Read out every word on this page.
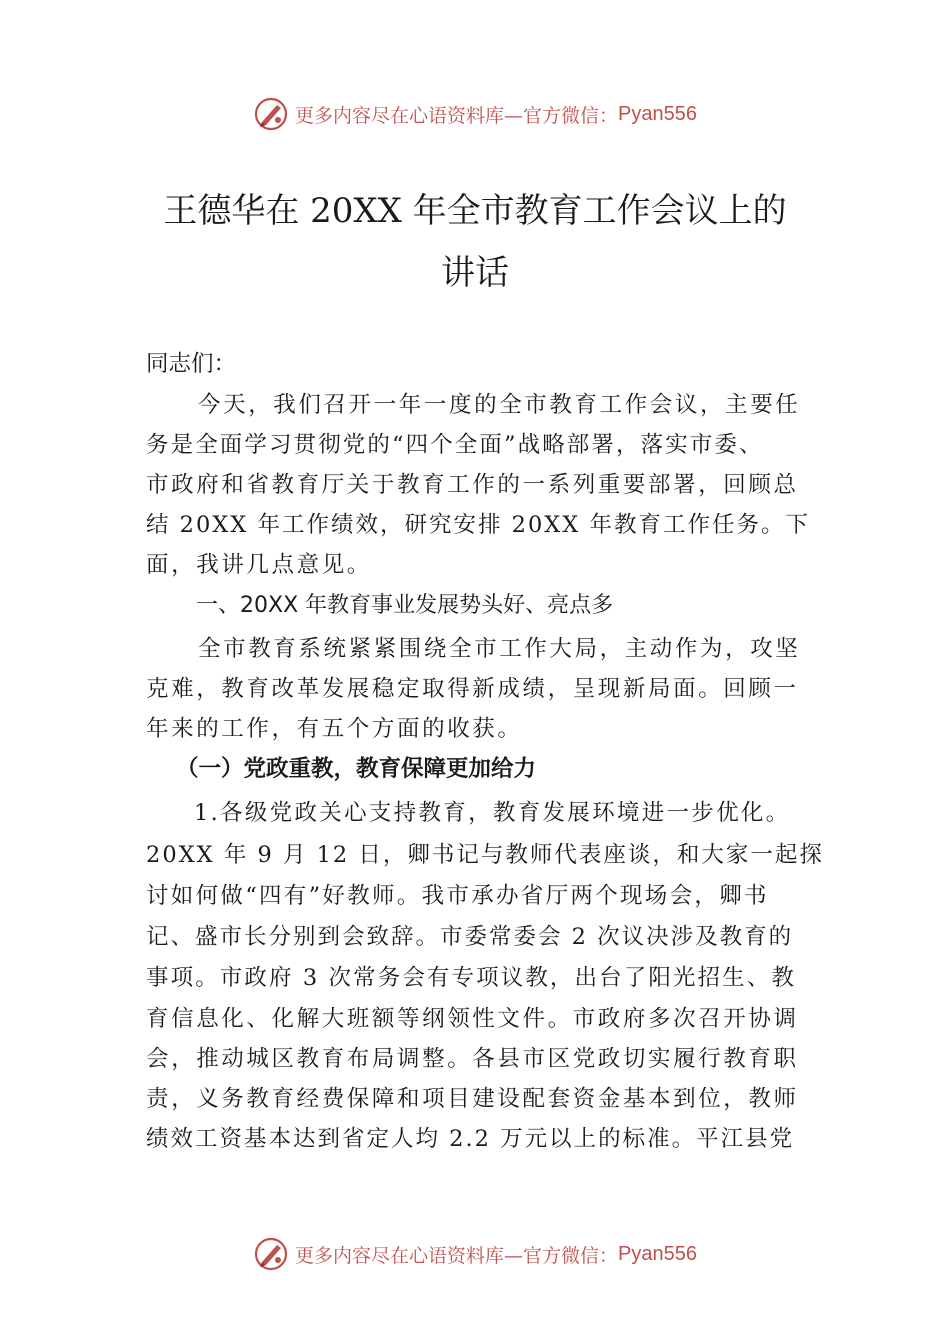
更多内容尽在心语资料库—官方微信： Pyan556
王德华在 20XX 年全市教育工作会议上的
讲话
同志们：
今天，我们召开一年一度的全市教育工作会议，主要任
务是全面学习贯彻党的“四个全面”战略部署，落实市委、
市政府和省教育厅关于教育工作的一系列重要部署，回顾总
结 20XX 年工作绩效，研究安排 20XX 年教育工作任务。下
面，我讲几点意见。
一、20XX 年教育事业发展势头好、亮点多
全市教育系统紧紧围绕全市工作大局，主动作为，攻坚
克难，教育改革发展稳定取得新成绩，呈现新局面。回顾一
年来的工作，有五个方面的收获。
（一）党政重教，教育保障更加给力
1.各级党政关心支持教育，教育发展环境进一步优化。
20XX 年 9 月 12 日，卿书记与教师代表座谈，和大家一起探
讨如何做“四有”好教师。我市承办省厅两个现场会，卿书
记、盛市长分别到会致辞。市委常委会 2 次议决涉及教育的
事项。市政府 3 次常务会有专项议教，出台了阳光招生、教
育信息化、化解大班额等纲领性文件。市政府多次召开协调
会，推动城区教育布局调整。各县市区党政切实履行教育职
责，义务教育经费保障和项目建设配套资金基本到位，教师
绩效工资基本达到省定人均 2.2 万元以上的标准。平江县党
更多内容尽在心语资料库—官方微信： Pyan556
